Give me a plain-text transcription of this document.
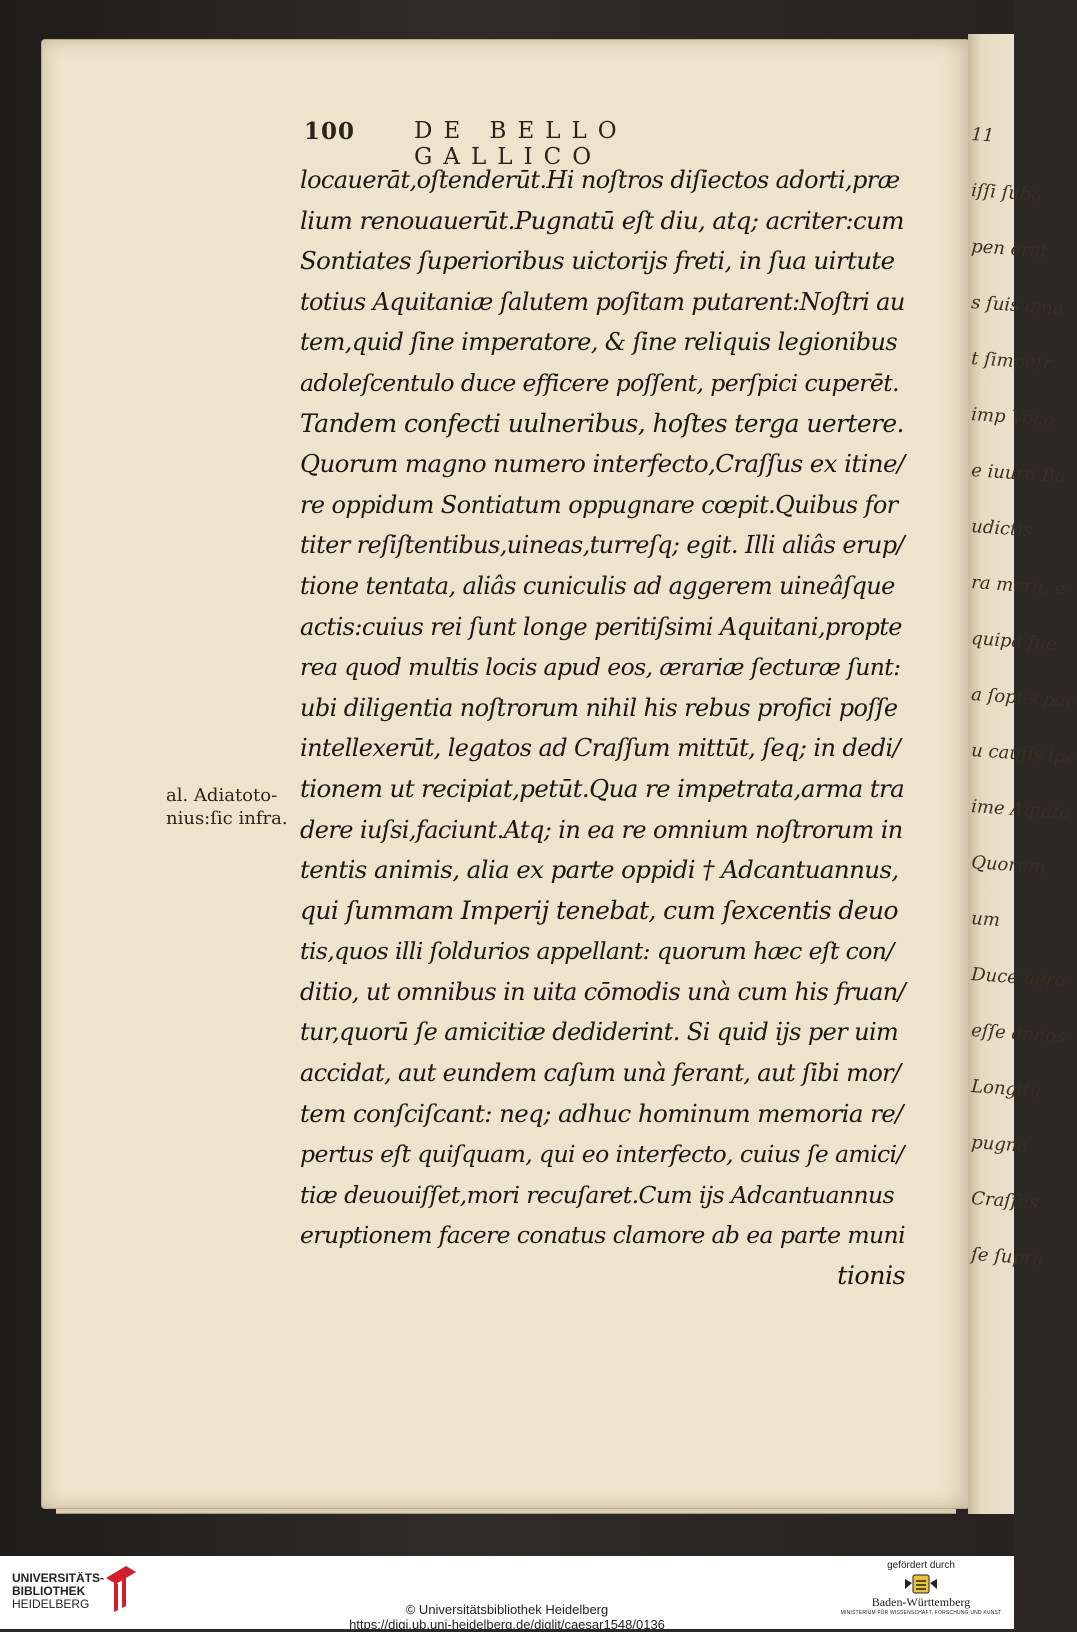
11
iſſi ſuba
pen erat
s ſuis ame
t ſimpetr
imp Voco
e iuuro Ba
udictis
ra mera, e
quipa ſue
a ſopus par
u cauſis ipe
ime Aquita
Quorum
um
Duce uero
eſſe annos
Longitu
pugna
Craſſus
ſe ſupra
100	DE BELLO GALLICO
locauerāt,oſtenderūt.Hi noſtros diſiectos adorti,præ
lium renouauerūt.Pugnatū eſt diu, atq; acriter:cum
Sontiates ſuperioribus uictorijs freti, in ſua uirtute
totius Aquitaniæ ſalutem poſitam putarent:Noſtri au
tem,quid ſine imperatore, & ſine reliquis legionibus
adoleſcentulo duce efficere poſſent, perſpici cuperēt.
Tandem confecti uulneribus, hoſtes terga uertere.
Quorum magno numero interfecto,Craſſus ex itine/
re oppidum Sontiatum oppugnare cœpit.Quibus for
titer reſiſtentibus,uineas,turreſq; egit. Illi aliâs erup/
tione tentata, aliâs cuniculis ad aggerem uineâſque
actis:cuius rei ſunt longe peritiſsimi Aquitani,propte
rea quod multis locis apud eos, ærariæ ſecturæ ſunt:
ubi diligentia noſtrorum nihil his rebus profici poſſe
intellexerūt, legatos ad Craſſum mittūt, ſeq; in dedi/
tionem ut recipiat,petūt.Qua re impetrata,arma tra
dere iuſsi,faciunt.Atq; in ea re omnium noſtrorum in
tentis animis, alia ex parte oppidi † Adcantuannus,
qui ſummam Imperij tenebat, cum ſexcentis deuo
tis,quos illi ſoldurios appellant: quorum hæc eſt con/
ditio, ut omnibus in uita cōmodis unà cum his fruan/
tur,quorū ſe amicitiæ dediderint. Si quid ijs per uim
accidat, aut eundem caſum unà ferant, aut ſibi mor/
tem conſciſcant: neq; adhuc hominum memoria re/
pertus eſt quiſquam, qui eo interfecto, cuius ſe amici/
tiæ deuouiſſet,mori recuſaret.Cum ijs Adcantuannus
eruptionem facere conatus clamore ab ea parte muni
tionis
al. Adiatoto-
nius:ſic infra.
UNIVERSITÄTS-
BIBLIOTHEK
HEIDELBERG	© Universitätsbibliothek Heidelberg
https://digi.ub.uni-heidelberg.de/diglit/caesar1548/0136
gefördert durch
Baden-Württemberg
MINISTERIUM FÜR WISSENSCHAFT, FORSCHUNG UND KUNST
